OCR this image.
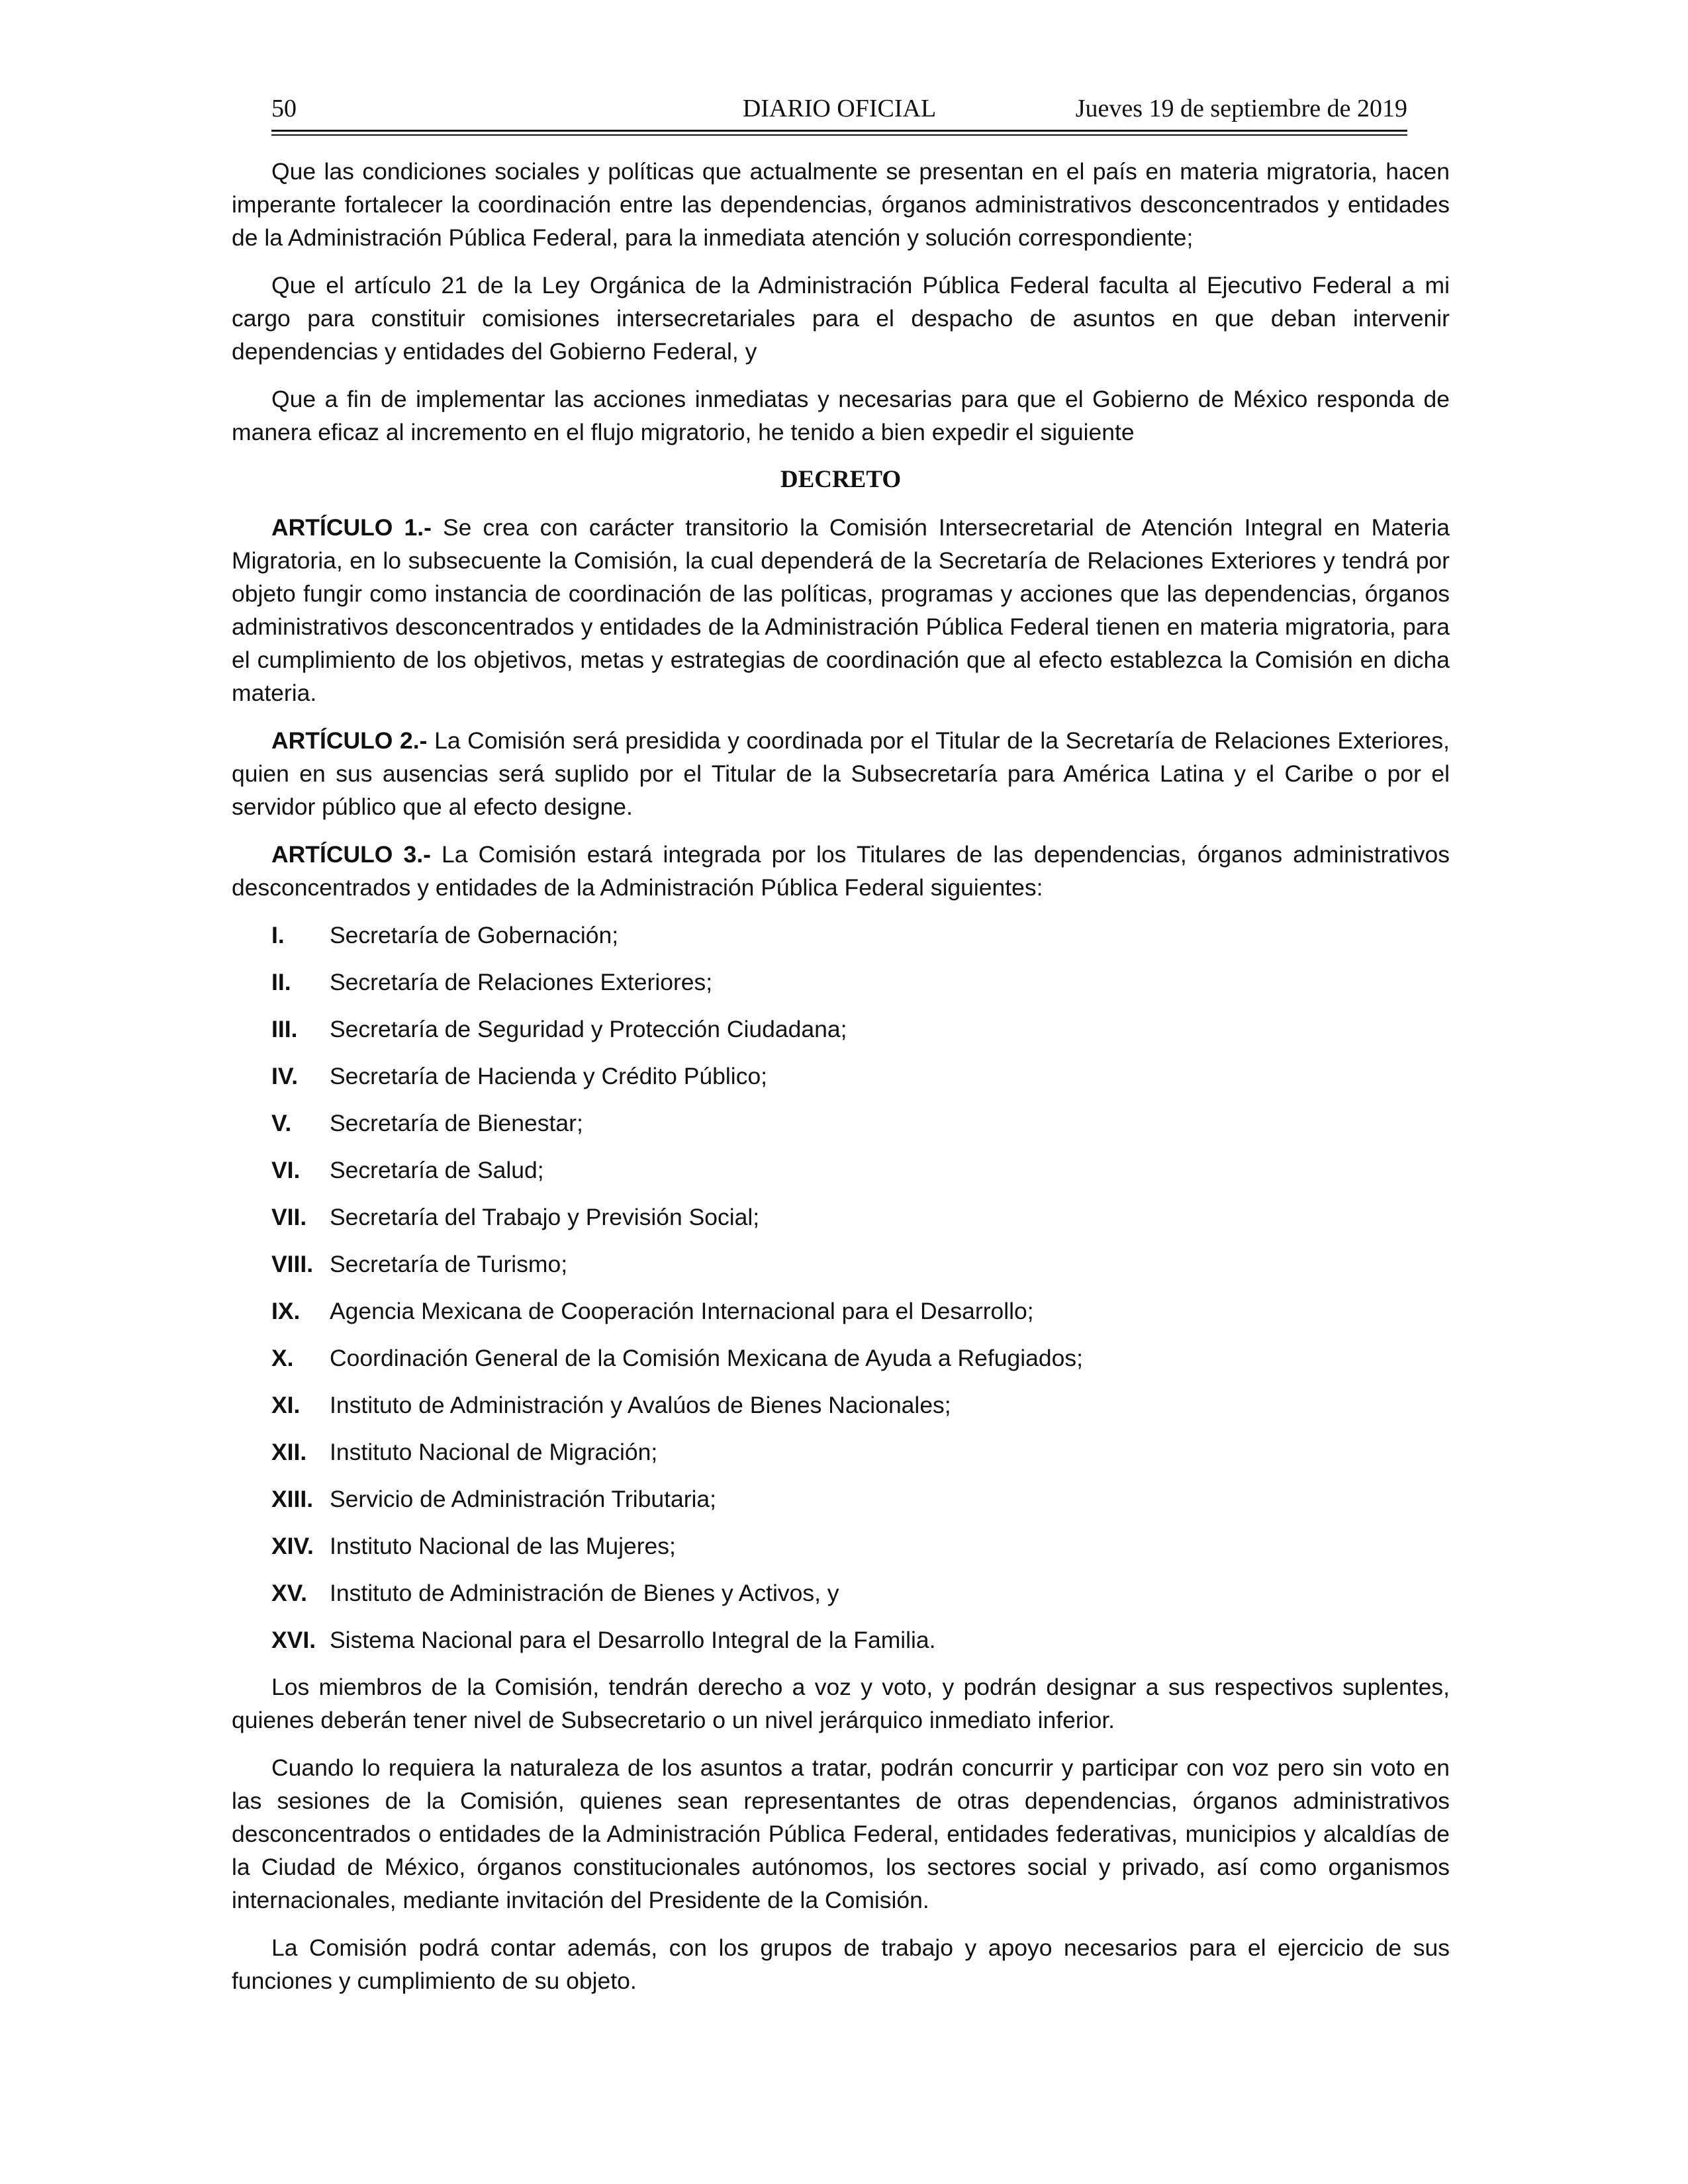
50	DIARIO OFICIAL	Jueves 19 de septiembre de 2019

Que las condiciones sociales y políticas que actualmente se presentan en el país en materia migratoria, hacen imperante fortalecer la coordinación entre las dependencias, órganos administrativos desconcentrados y entidades de la Administración Pública Federal, para la inmediata atención y solución correspondiente;

Que el artículo 21 de la Ley Orgánica de la Administración Pública Federal faculta al Ejecutivo Federal a mi cargo para constituir comisiones intersecretariales para el despacho de asuntos en que deban intervenir dependencias y entidades del Gobierno Federal, y

Que a fin de implementar las acciones inmediatas y necesarias para que el Gobierno de México responda de manera eficaz al incremento en el flujo migratorio, he tenido a bien expedir el siguiente

DECRETO

ARTÍCULO 1.- Se crea con carácter transitorio la Comisión Intersecretarial de Atención Integral en Materia Migratoria, en lo subsecuente la Comisión, la cual dependerá de la Secretaría de Relaciones Exteriores y tendrá por objeto fungir como instancia de coordinación de las políticas, programas y acciones que las dependencias, órganos administrativos desconcentrados y entidades de la Administración Pública Federal tienen en materia migratoria, para el cumplimiento de los objetivos, metas y estrategias de coordinación que al efecto establezca la Comisión en dicha materia.

ARTÍCULO 2.- La Comisión será presidida y coordinada por el Titular de la Secretaría de Relaciones Exteriores, quien en sus ausencias será suplido por el Titular de la Subsecretaría para América Latina y el Caribe o por el servidor público que al efecto designe.

ARTÍCULO 3.- La Comisión estará integrada por los Titulares de las dependencias, órganos administrativos desconcentrados y entidades de la Administración Pública Federal siguientes:

I. Secretaría de Gobernación;
II. Secretaría de Relaciones Exteriores;
III. Secretaría de Seguridad y Protección Ciudadana;
IV. Secretaría de Hacienda y Crédito Público;
V. Secretaría de Bienestar;
VI. Secretaría de Salud;
VII. Secretaría del Trabajo y Previsión Social;
VIII. Secretaría de Turismo;
IX. Agencia Mexicana de Cooperación Internacional para el Desarrollo;
X. Coordinación General de la Comisión Mexicana de Ayuda a Refugiados;
XI. Instituto de Administración y Avalúos de Bienes Nacionales;
XII. Instituto Nacional de Migración;
XIII. Servicio de Administración Tributaria;
XIV. Instituto Nacional de las Mujeres;
XV. Instituto de Administración de Bienes y Activos, y
XVI. Sistema Nacional para el Desarrollo Integral de la Familia.

Los miembros de la Comisión, tendrán derecho a voz y voto, y podrán designar a sus respectivos suplentes, quienes deberán tener nivel de Subsecretario o un nivel jerárquico inmediato inferior.

Cuando lo requiera la naturaleza de los asuntos a tratar, podrán concurrir y participar con voz pero sin voto en las sesiones de la Comisión, quienes sean representantes de otras dependencias, órganos administrativos desconcentrados o entidades de la Administración Pública Federal, entidades federativas, municipios y alcaldías de la Ciudad de México, órganos constitucionales autónomos, los sectores social y privado, así como organismos internacionales, mediante invitación del Presidente de la Comisión.

La Comisión podrá contar además, con los grupos de trabajo y apoyo necesarios para el ejercicio de sus funciones y cumplimiento de su objeto.
